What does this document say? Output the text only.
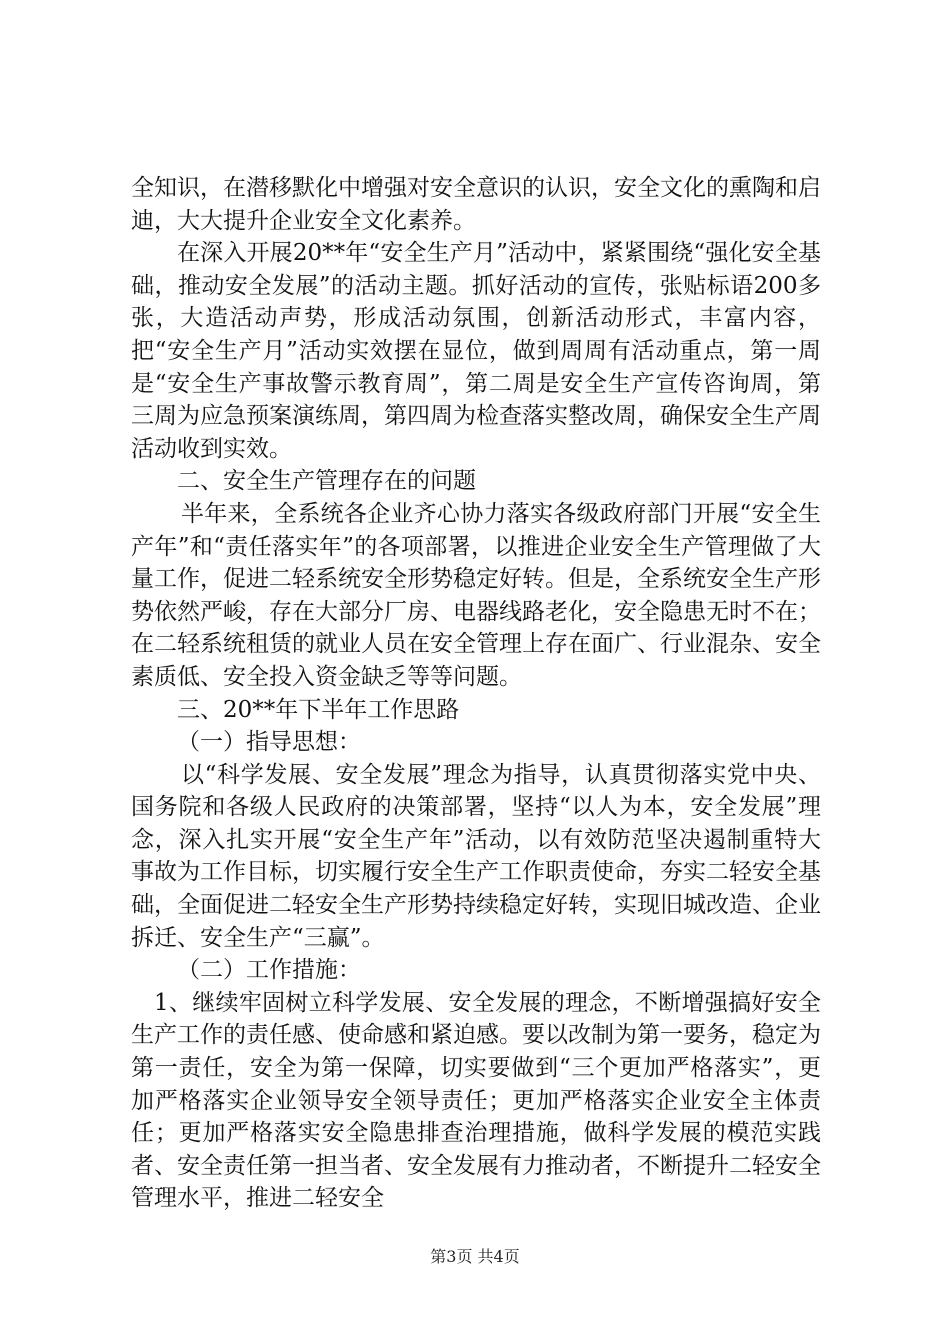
全知识，在潜移默化中增强对安全意识的认识，安全文化的熏陶和启迪，大大提升企业安全文化素养。

在深入开展20**年“安全生产月”活动中，紧紧围绕“强化安全基础，推动安全发展”的活动主题。抓好活动的宣传，张贴标语200多张，大造活动声势，形成活动氛围，创新活动形式，丰富内容，把“安全生产月”活动实效摆在显位，做到周周有活动重点，第一周是“安全生产事故警示教育周”，第二周是安全生产宣传咨询周，第三周为应急预案演练周，第四周为检查落实整改周，确保安全生产周活动收到实效。

二、安全生产管理存在的问题

半年来，全系统各企业齐心协力落实各级政府部门开展“安全生产年”和“责任落实年”的各项部署，以推进企业安全生产管理做了大量工作，促进二轻系统安全形势稳定好转。但是，全系统安全生产形势依然严峻，存在大部分厂房、电器线路老化，安全隐患无时不在；在二轻系统租赁的就业人员在安全管理上存在面广、行业混杂、安全素质低、安全投入资金缺乏等等问题。

三、20**年下半年工作思路

（一）指导思想：

以“科学发展、安全发展”理念为指导，认真贯彻落实党中央、国务院和各级人民政府的决策部署，坚持“以人为本，安全发展”理念，深入扎实开展“安全生产年”活动，以有效防范坚决遏制重特大事故为工作目标，切实履行安全生产工作职责使命，夯实二轻安全基础，全面促进二轻安全生产形势持续稳定好转，实现旧城改造、企业拆迁、安全生产“三赢”。

（二）工作措施：

1、继续牢固树立科学发展、安全发展的理念，不断增强搞好安全生产工作的责任感、使命感和紧迫感。要以改制为第一要务，稳定为第一责任，安全为第一保障，切实要做到“三个更加严格落实”，更加严格落实企业领导安全领导责任；更加严格落实企业安全主体责任；更加严格落实安全隐患排查治理措施，做科学发展的模范实践者、安全责任第一担当者、安全发展有力推动者，不断提升二轻安全管理水平，推进二轻安全

第3页 共4页
